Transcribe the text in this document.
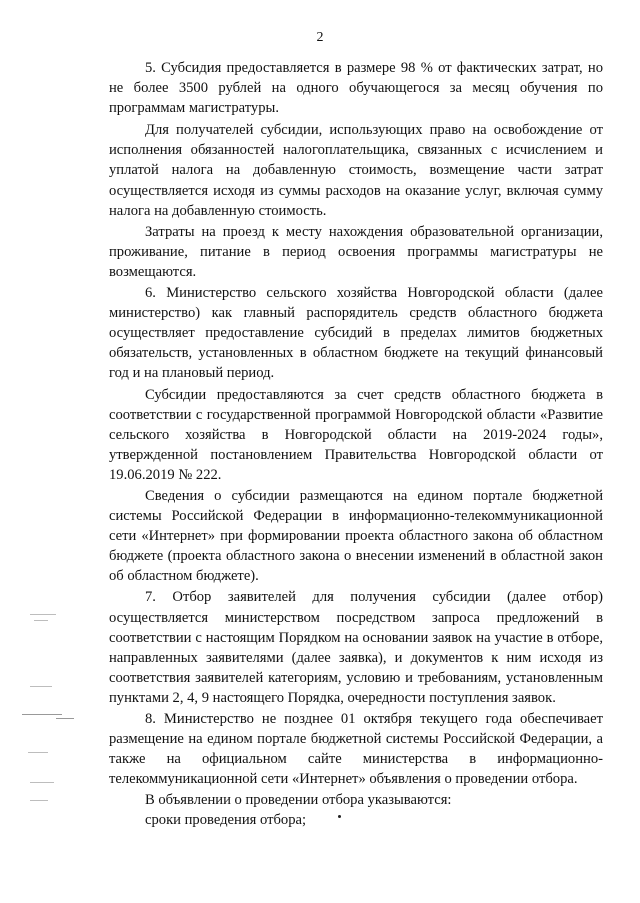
2

5. Субсидия предоставляется в размере 98 % от фактических затрат, но не более 3500 рублей на одного обучающегося за месяц обучения по программам магистратуры.

Для получателей субсидии, использующих право на освобождение от исполнения обязанностей налогоплательщика, связанных с исчислением и уплатой налога на добавленную стоимость, возмещение части затрат осуществляется исходя из суммы расходов на оказание услуг, включая сумму налога на добавленную стоимость.

Затраты на проезд к месту нахождения образовательной организации, проживание, питание в период освоения программы магистратуры не возмещаются.

6. Министерство сельского хозяйства Новгородской области (далее министерство) как главный распорядитель средств областного бюджета осуществляет предоставление субсидий в пределах лимитов бюджетных обязательств, установленных в областном бюджете на текущий финансовый год и на плановый период.

Субсидии предоставляются за счет средств областного бюджета в соответствии с государственной программой Новгородской области «Развитие сельского хозяйства в Новгородской области на 2019-2024 годы», утвержденной постановлением Правительства Новгородской области от 19.06.2019 № 222.

Сведения о субсидии размещаются на едином портале бюджетной системы Российской Федерации в информационно-телекоммуникационной сети «Интернет» при формировании проекта областного закона об областном бюджете (проекта областного закона о внесении изменений в областной закон об областном бюджете).

7. Отбор заявителей для получения субсидии (далее отбор) осуществляется министерством посредством запроса предложений в соответствии с настоящим Порядком на основании заявок на участие в отборе, направленных заявителями (далее заявка), и документов к ним исходя из соответствия заявителей категориям, условию и требованиям, установленным пунктами 2, 4, 9 настоящего Порядка, очередности поступления заявок.

8. Министерство не позднее 01 октября текущего года обеспечивает размещение на едином портале бюджетной системы Российской Федерации, а также на официальном сайте министерства в информационно-телекоммуникационной сети «Интернет» объявления о проведении отбора.

В объявлении о проведении отбора указываются:

сроки проведения отбора;
